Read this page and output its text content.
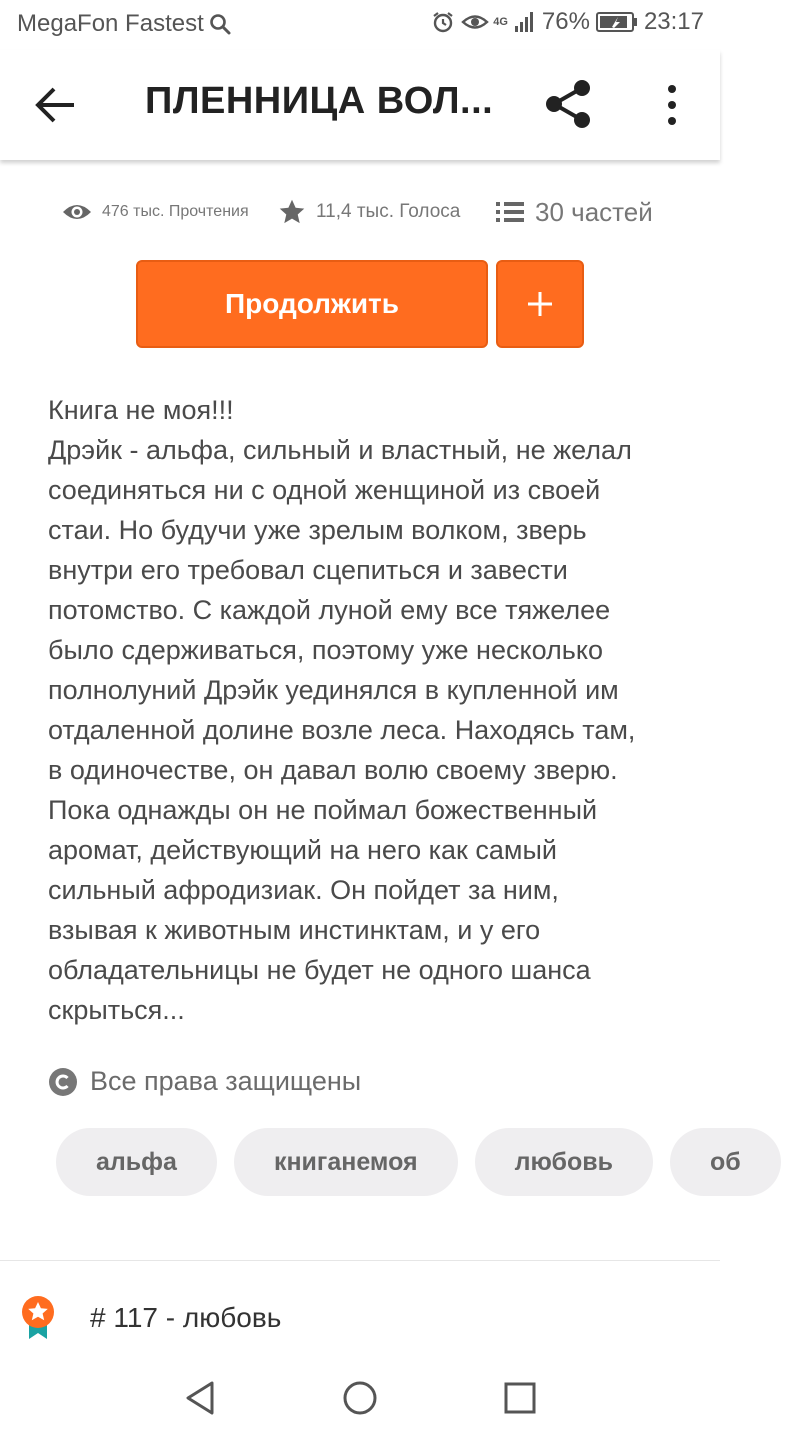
MegaFon Fastest	4G 76% 23:17
ПЛЕННИЦА ВОЛ...
476 тыс. Прочтения	11,4 тыс. Голоса	30 частей
Продолжить
Книга не моя!!!
Дрэйк - альфа, сильный и властный, не желал
соединяться ни с одной женщиной из своей
стаи. Но будучи уже зрелым волком, зверь
внутри его требовал сцепиться и завести
потомство. С каждой луной ему все тяжелее
было сдерживаться, поэтому уже несколько
полнолуний Дрэйк уединялся в купленной им
отдаленной долине возле леса. Находясь там,
в одиночестве, он давал волю своему зверю.
Пока однажды он не поймал божественный
аромат, действующий на него как самый
сильный афродизиак. Он пойдет за ним,
взывая к животным инстинктам, и у его
обладательницы не будет не одного шанса
скрыться...
Все права защищены
альфа	книганемоя	любовь	об
# 117 - любовь
